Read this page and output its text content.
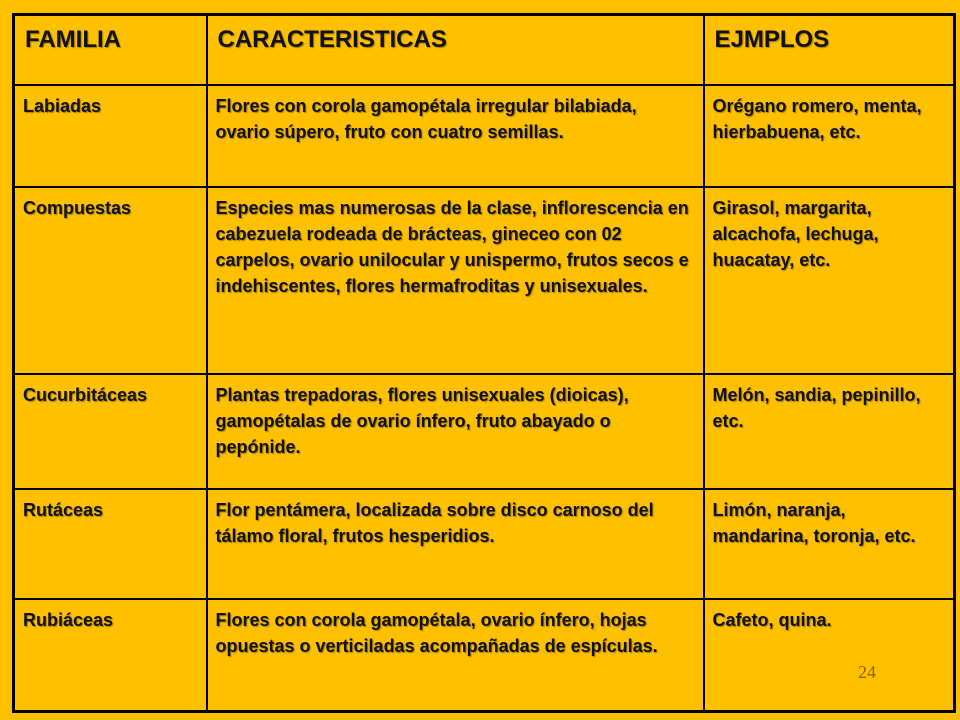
FAMILIA	CARACTERISTICAS	EJMPLOS
Labiadas	Flores con corola gamopétala irregular bilabiada, ovario súpero, fruto con cuatro semillas.	Orégano romero, menta, hierbabuena, etc.
Compuestas	Especies mas numerosas de la clase, inflorescencia en cabezuela rodeada de brácteas, gineceo con 02 carpelos, ovario unilocular y unispermo, frutos secos e indehiscentes, flores hermafroditas y unisexuales.	Girasol, margarita, alcachofa, lechuga, huacatay, etc.
Cucurbitáceas	Plantas trepadoras, flores unisexuales (dioicas), gamopétalas de ovario ínfero, fruto abayado o pepónide.	Melón, sandia, pepinillo, etc.
Rutáceas	Flor pentámera, localizada sobre disco carnoso del tálamo floral, frutos hesperidios.	Limón, naranja, mandarina, toronja, etc.
Rubiáceas	Flores con corola gamopétala, ovario ínfero, hojas opuestas o verticiladas acompañadas de espículas.	Cafeto, quina.
24
